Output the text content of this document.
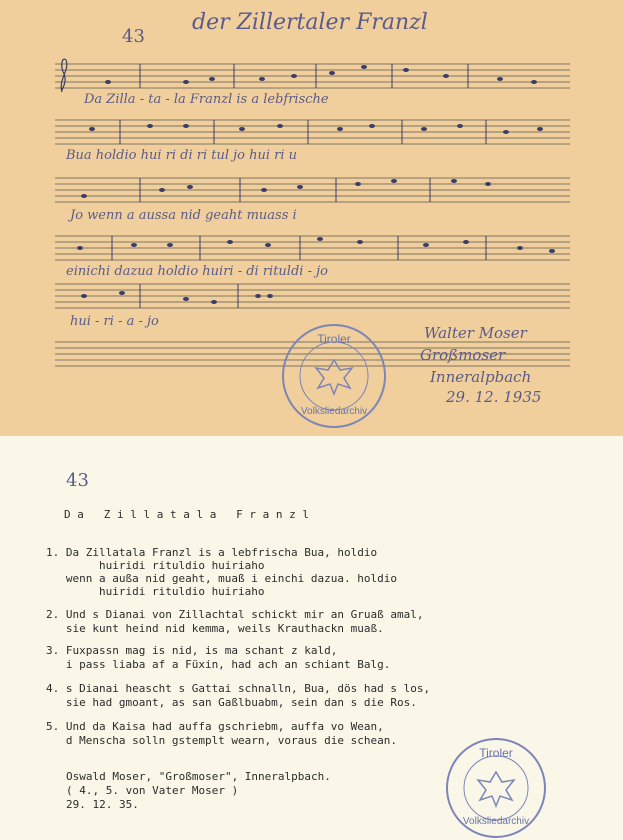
43
der Zillertaler Franzl
Da Zilla - ta - la Franzl is a lebfrische
Bua holdio hui ri di ri tul jo hui ri u
Jo wenn a aussa nid geaht muass i
einichi dazua holdio huiri - di rituldi - jo
hui - ri - a - jo
Tiroler
Volksliedarchiv
Walter Moser
Großmoser
Inneralpbach
29. 12. 1935
43
D a   Z i l l a t a l a   F r a n z l
1. Da Zillatala Franzl is a lebfrischa Bua, holdio
huiridi rituldio huiriaho
wenn a außa nid geaht, muaß i einchi dazua. holdio
huiridi rituldio huiriaho
2. Und s Dianai von Zillachtal schickt mir an Gruaß amal,
sie kunt heind nid kemma, weils Krauthackn muaß.
3. Fuxpassn mag is nid, is ma schant z kald,
i pass liaba af a Füxin, had ach an schiant Balg.
4. s Dianai heascht s Gattai schnalln, Bua, dös had s los,
sie had gmoant, as san Gaßlbuabm, sein dan s die Ros.
5. Und da Kaisa had auffa gschriebm, auffa vo Wean,
d Menscha solln gstemplt wearn, voraus die schean.
Oswald Moser, "Großmoser", Inneralpbach.
( 4., 5. von Vater Moser )
29. 12. 35.
Tiroler
Volksliedarchiv
